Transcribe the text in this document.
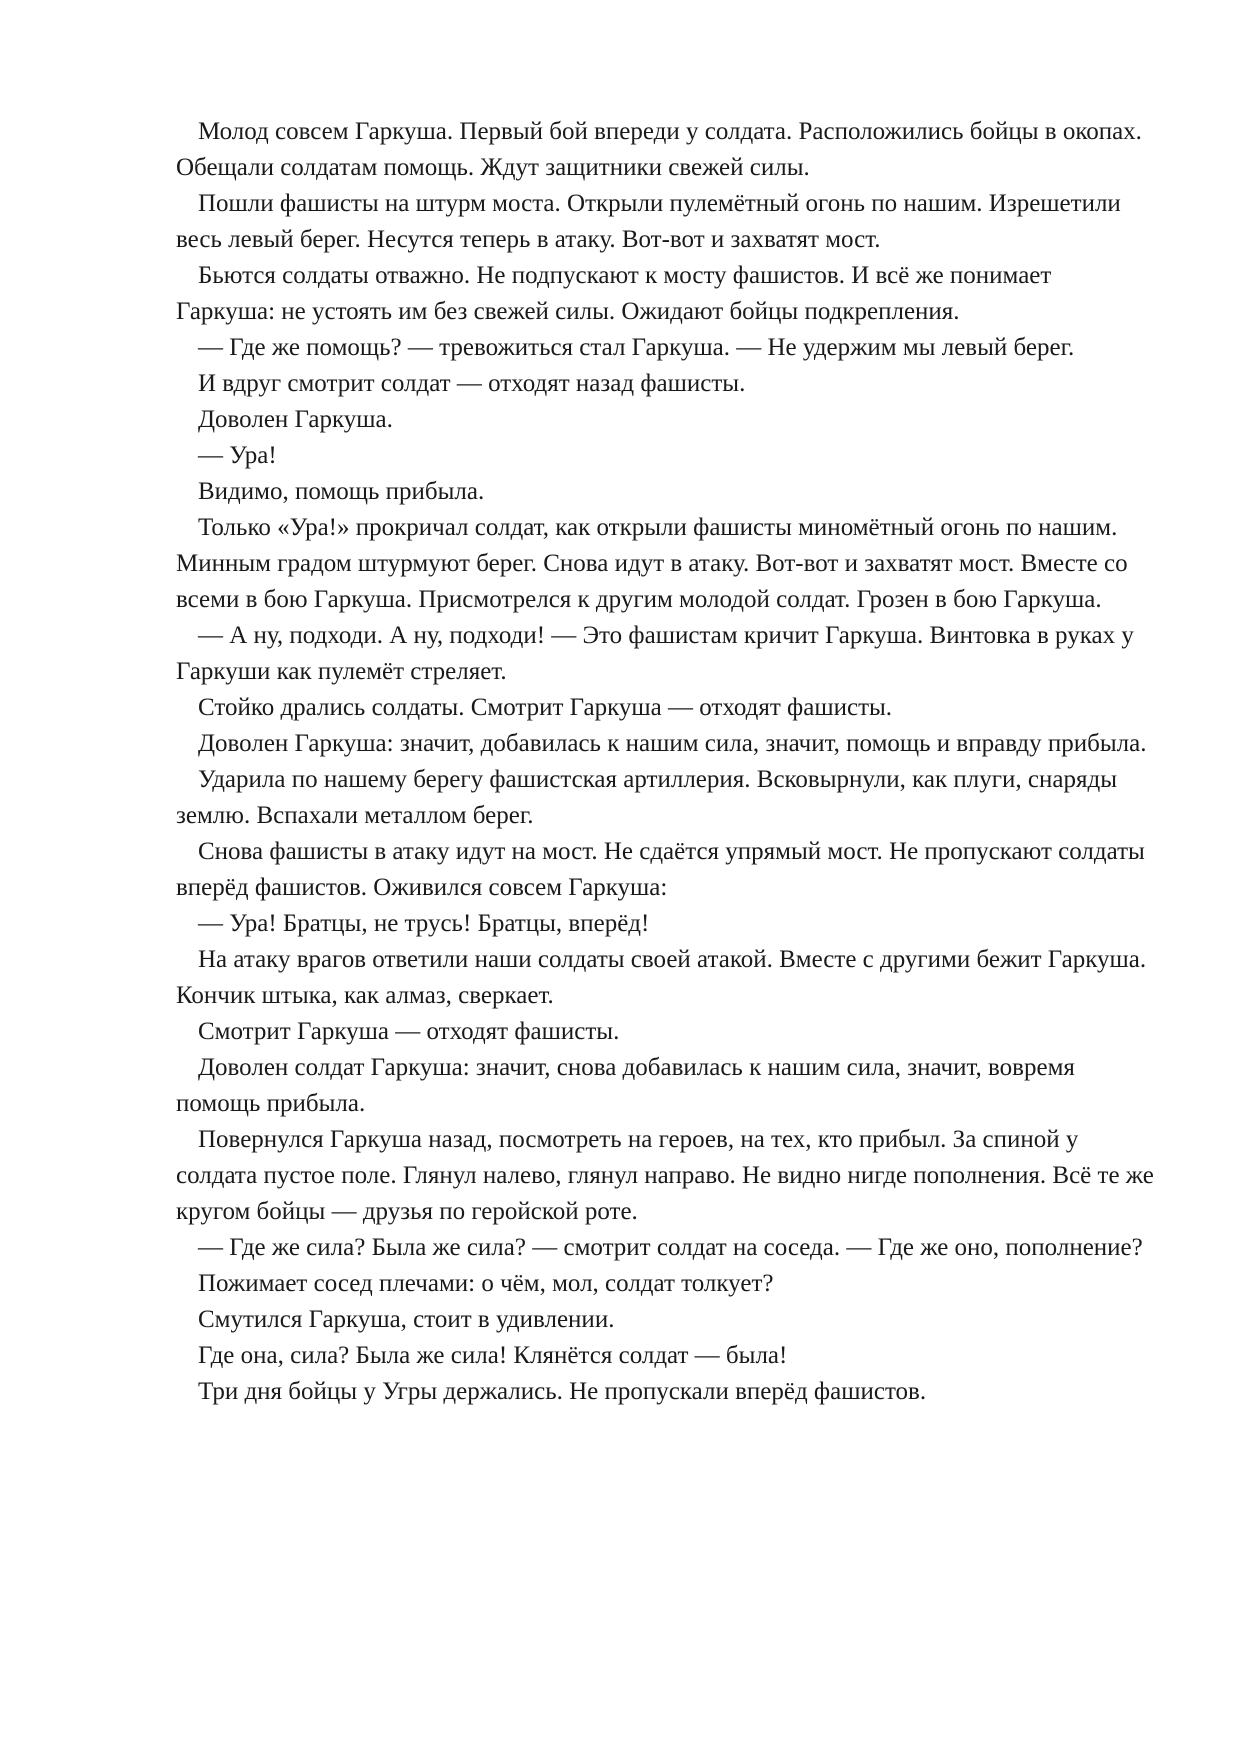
Молод совсем Гаркуша. Первый бой впереди у солдата. Расположились бойцы в окопах. Обещали солдатам помощь. Ждут защитники свежей силы.

Пошли фашисты на штурм моста. Открыли пулемётный огонь по нашим. Изрешетили весь левый берег. Несутся теперь в атаку. Вот-вот и захватят мост.

Бьются солдаты отважно. Не подпускают к мосту фашистов. И всё же понимает Гаркуша: не устоять им без свежей силы. Ожидают бойцы подкрепления.

— Где же помощь? — тревожиться стал Гаркуша. — Не удержим мы левый берег.

И вдруг смотрит солдат — отходят назад фашисты.

Доволен Гаркуша.

— Ура!

Видимо, помощь прибыла.

Только «Ура!» прокричал солдат, как открыли фашисты миномётный огонь по нашим. Минным градом штурмуют берег. Снова идут в атаку. Вот-вот и захватят мост. Вместе со всеми в бою Гаркуша. Присмотрелся к другим молодой солдат. Грозен в бою Гаркуша.

— А ну, подходи. А ну, подходи! — Это фашистам кричит Гаркуша. Винтовка в руках у Гаркуши как пулемёт стреляет.

Стойко дрались солдаты. Смотрит Гаркуша — отходят фашисты.

Доволен Гаркуша: значит, добавилась к нашим сила, значит, помощь и вправду прибыла.

Ударила по нашему берегу фашистская артиллерия. Всковырнули, как плуги, снаряды землю. Вспахали металлом берег.

Снова фашисты в атаку идут на мост. Не сдаётся упрямый мост. Не пропускают солдаты вперёд фашистов. Оживился совсем Гаркуша:

— Ура! Братцы, не трусь! Братцы, вперёд!

На атаку врагов ответили наши солдаты своей атакой. Вместе с другими бежит Гаркуша. Кончик штыка, как алмаз, сверкает.

Смотрит Гаркуша — отходят фашисты.

Доволен солдат Гаркуша: значит, снова добавилась к нашим сила, значит, вовремя помощь прибыла.

Повернулся Гаркуша назад, посмотреть на героев, на тех, кто прибыл. За спиной у солдата пустое поле. Глянул налево, глянул направо. Не видно нигде пополнения. Всё те же кругом бойцы — друзья по геройской роте.

— Где же сила? Была же сила? — смотрит солдат на соседа. — Где же оно, пополнение?

Пожимает сосед плечами: о чём, мол, солдат толкует?

Смутился Гаркуша, стоит в удивлении.

Где она, сила? Была же сила! Клянётся солдат — была!

Три дня бойцы у Угры держались. Не пропускали вперёд фашистов.
